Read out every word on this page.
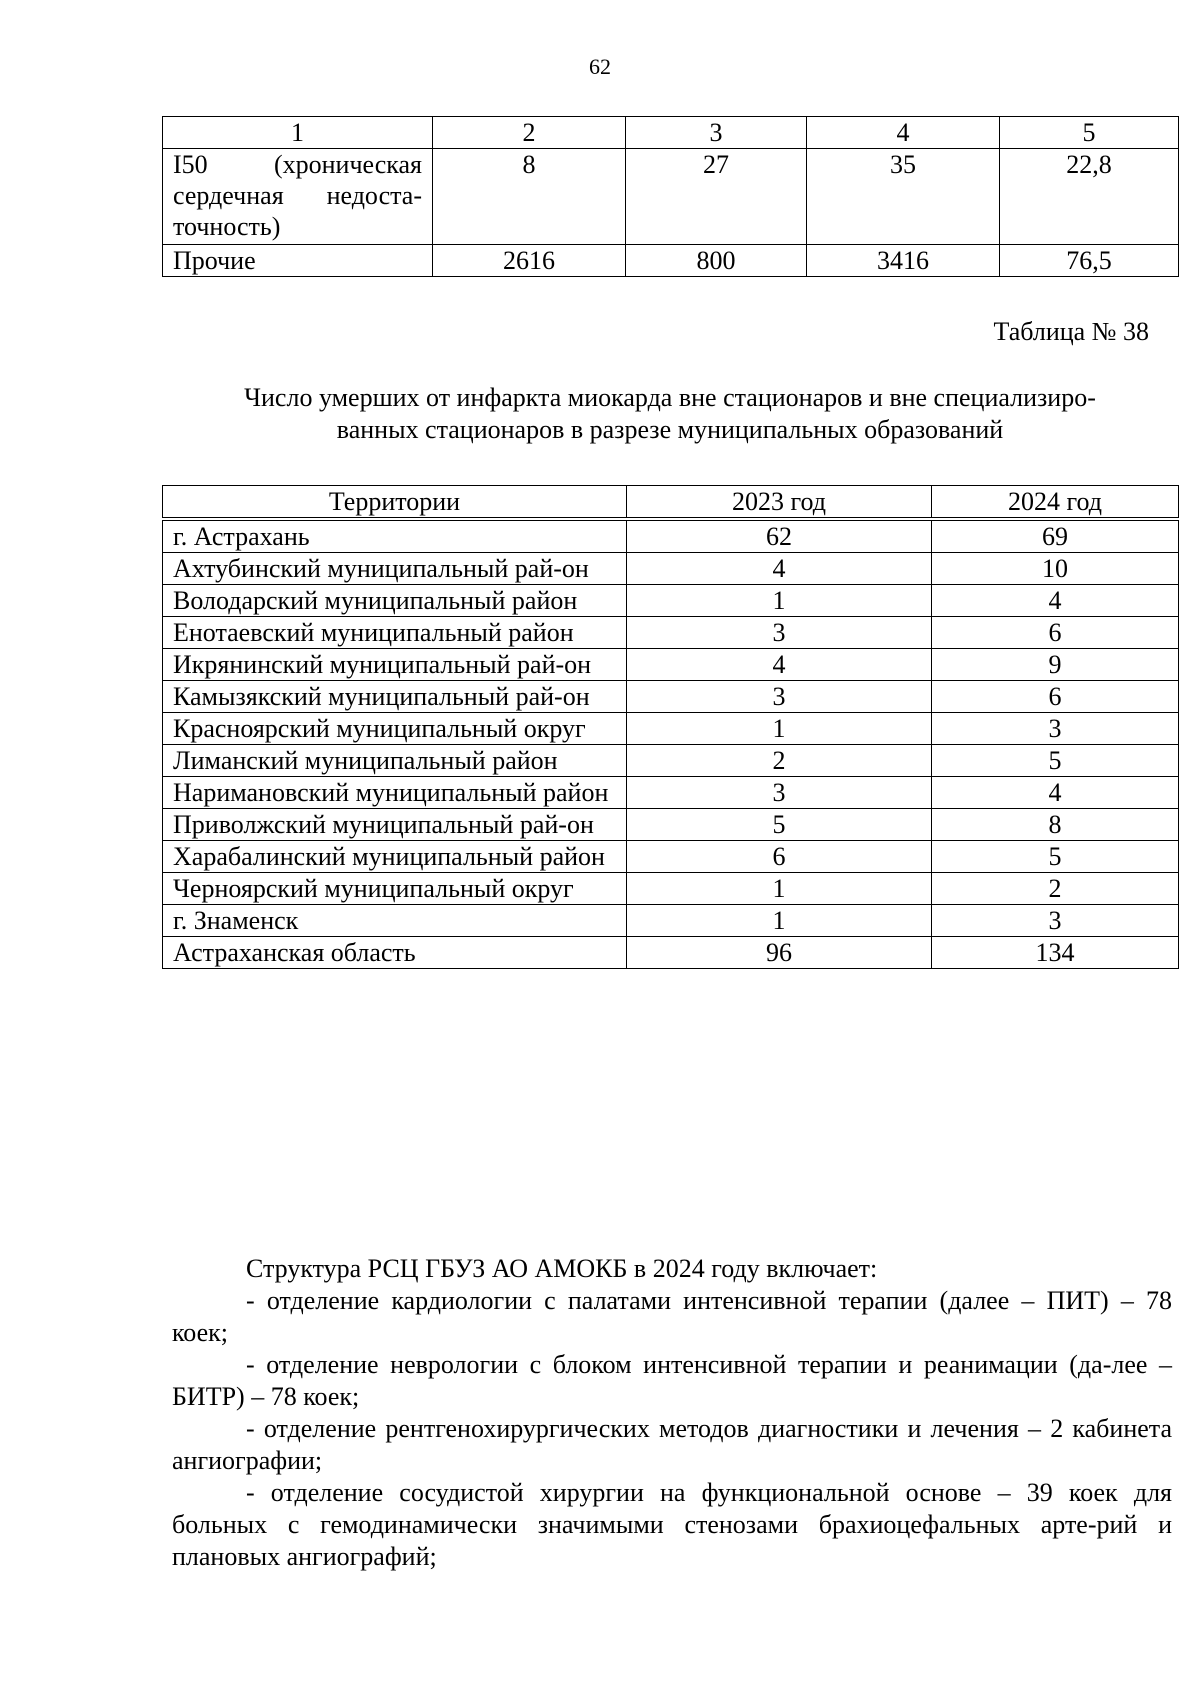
62
1	2	3	4	5
I50 (хроническая сердечная недоста-точность)	8	27	35	22,8
Прочие	2616	800	3416	76,5
Таблица № 38
Число умерших от инфаркта миокарда вне стационаров и вне специализиро-
ванных стационаров в разрезе муниципальных образований
Территории	2023 год	2024 год
г. Астрахань	62	69
Ахтубинский муниципальный рай-он	4	10
Володарский муниципальный район	1	4
Енотаевский муниципальный район	3	6
Икрянинский муниципальный рай-он	4	9
Камызякский муниципальный рай-он	3	6
Красноярский муниципальный округ	1	3
Лиманский муниципальный район	2	5
Наримановский муниципальный район	3	4
Приволжский муниципальный рай-он	5	8
Харабалинский муниципальный район	6	5
Черноярский муниципальный округ	1	2
г. Знаменск	1	3
Астраханская область	96	134

Структура РСЦ ГБУЗ АО АМОКБ в 2024 году включает:

- отделение кардиологии с палатами интенсивной терапии (далее – ПИТ) – 78 коек;

- отделение неврологии с блоком интенсивной терапии и реанимации (да-лее – БИТР) – 78 коек;

- отделение рентгенохирургических методов диагностики и лечения – 2 кабинета ангиографии;

- отделение сосудистой хирургии на функциональной основе – 39 коек для больных с гемодинамически значимыми стенозами брахиоцефальных арте-рий и плановых ангиографий;
